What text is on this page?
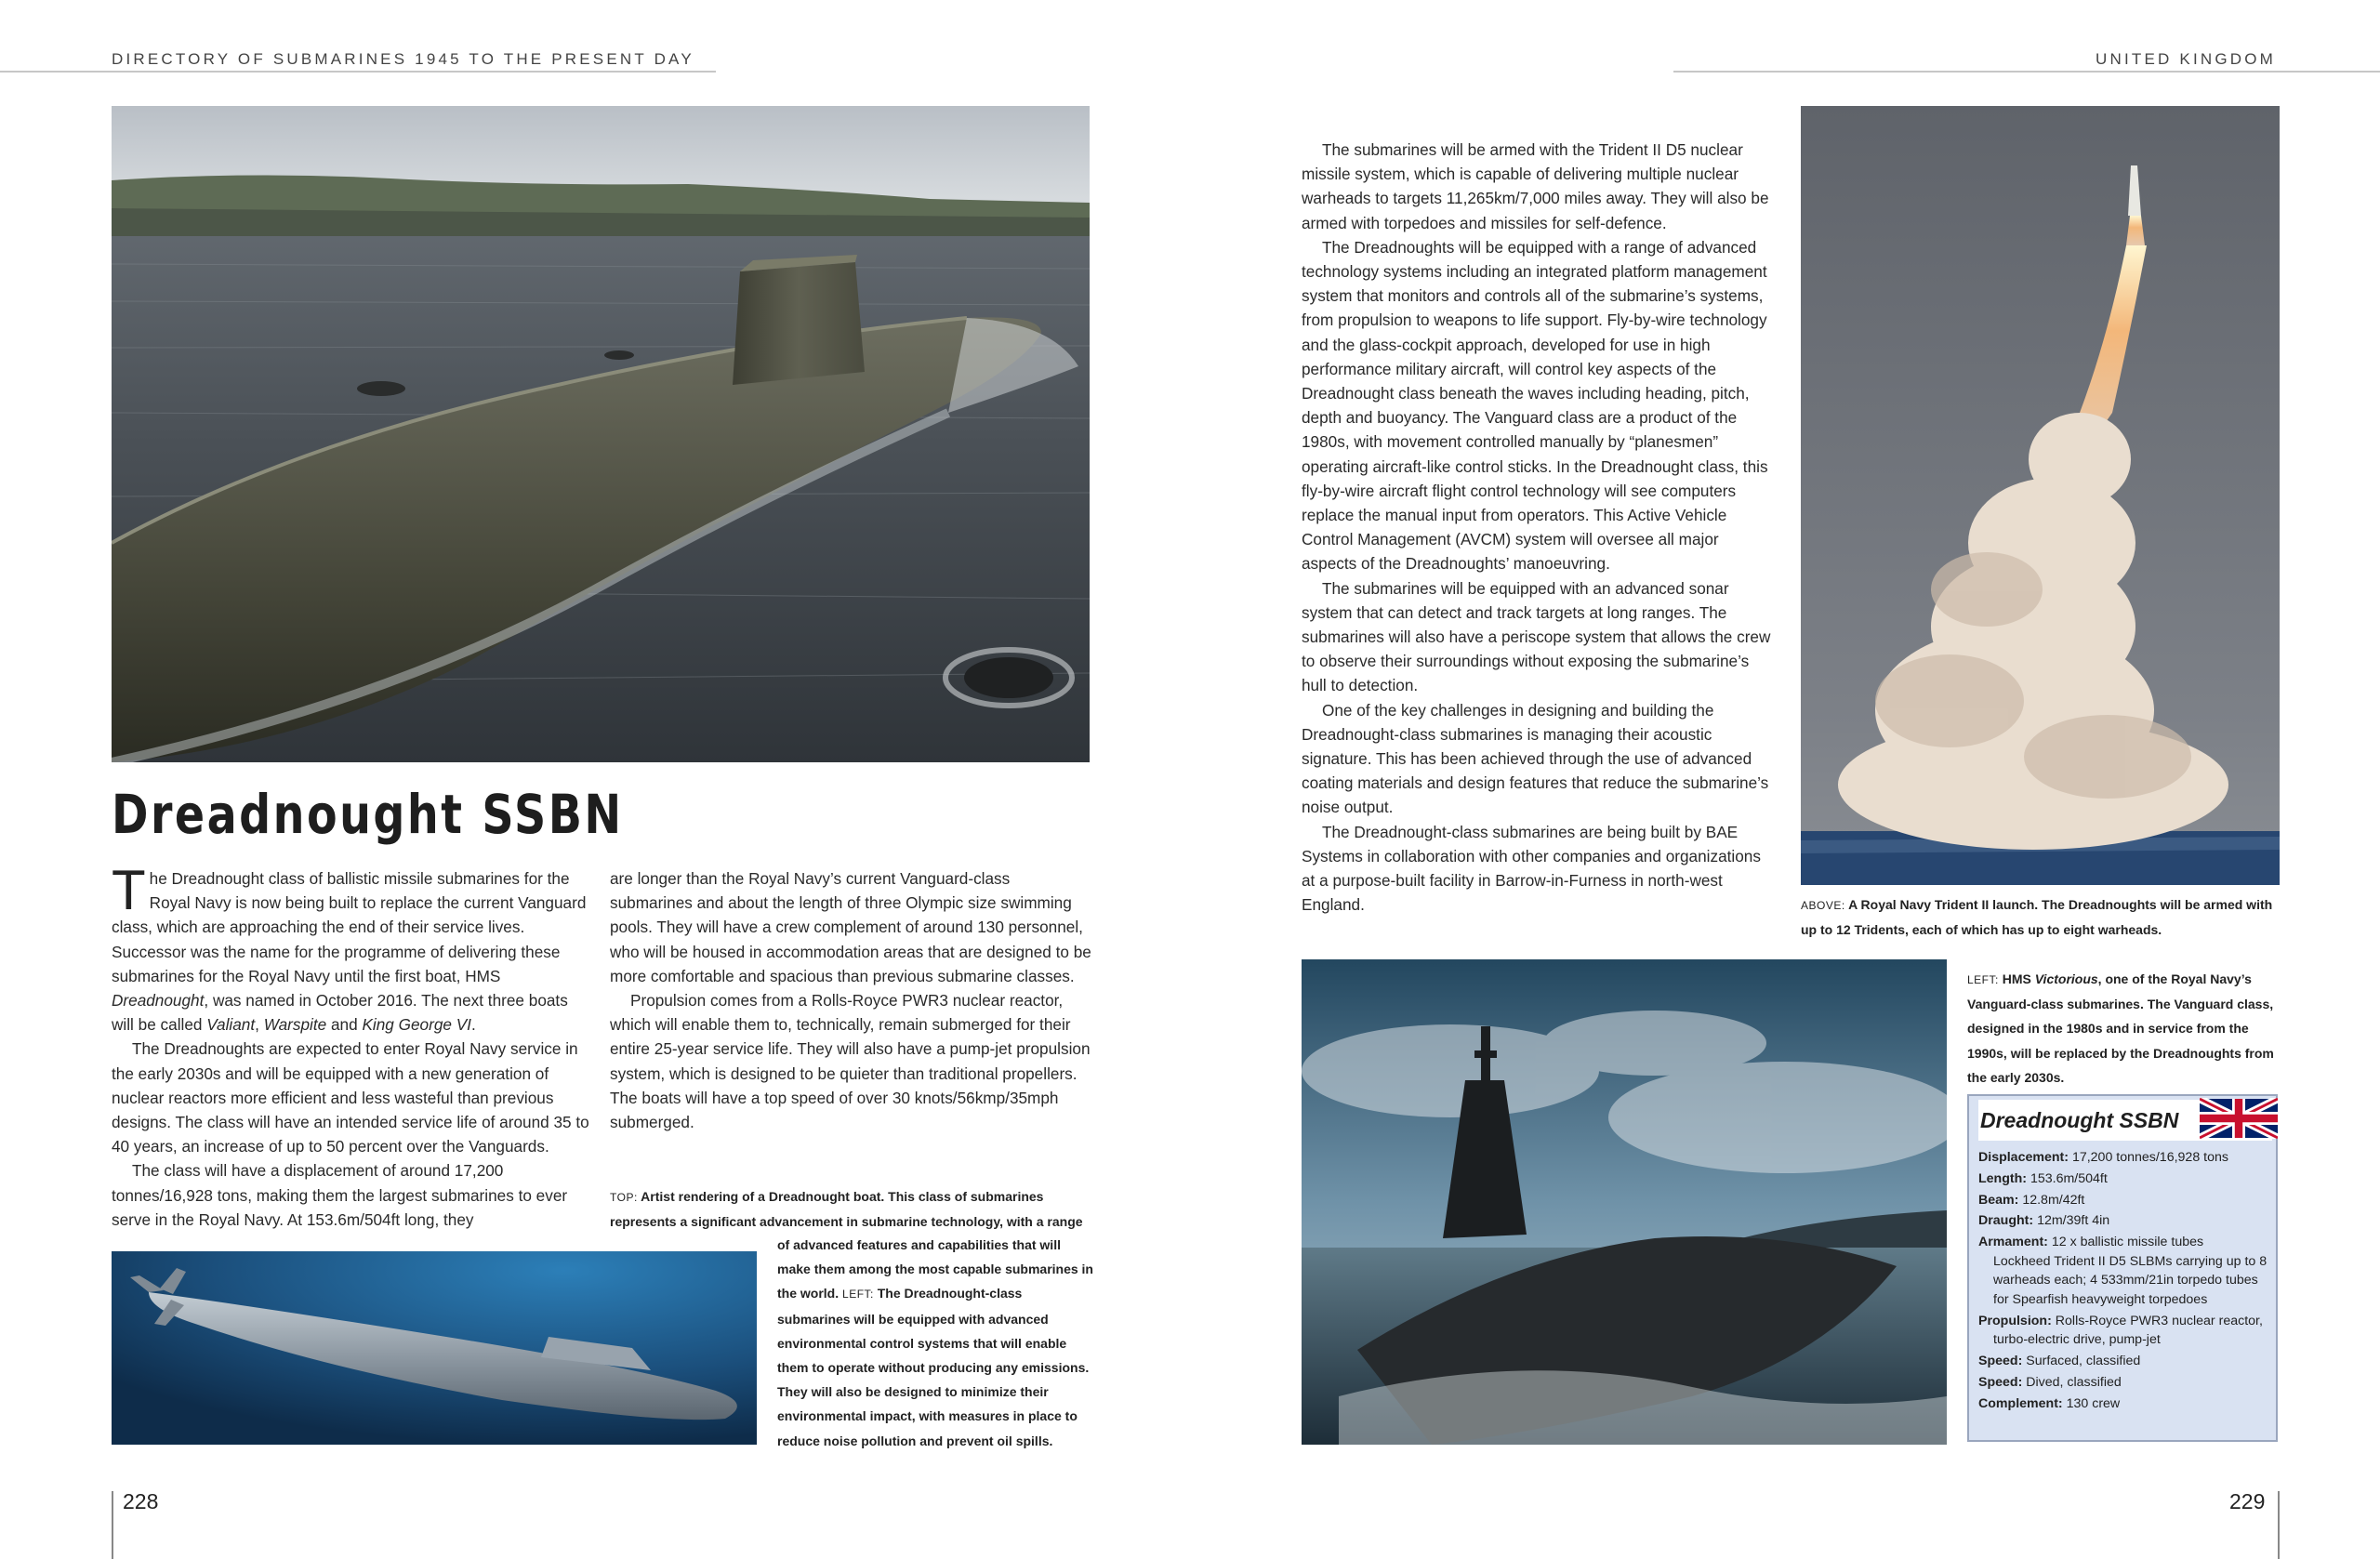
DIRECTORY OF SUBMARINES 1945 TO THE PRESENT DAY	UNITED KINGDOM
Dreadnought SSBN

The Dreadnought class of ballistic missile submarines for the Royal Navy is now being built to replace the current Vanguard class, which are approaching the end of their service lives. Successor was the name for the programme of delivering these submarines for the Royal Navy until the first boat, HMS Dreadnought, was named in October 2016. The next three boats will be called Valiant, Warspite and King George VI.

The Dreadnoughts are expected to enter Royal Navy service in the early 2030s and will be equipped with a new generation of nuclear reactors more efficient and less wasteful than previous designs. The class will have an intended service life of around 35 to 40 years, an increase of up to 50 percent over the Vanguards.

The class will have a displacement of around 17,200 tonnes/16,928 tons, making them the largest submarines to ever serve in the Royal Navy. At 153.6m/504ft long, they

are longer than the Royal Navy’s current Vanguard-class submarines and about the length of three Olympic size swimming pools. They will have a crew complement of around 130 personnel, who will be housed in accommodation areas that are designed to be more comfortable and spacious than previous submarine classes.

Propulsion comes from a Rolls-Royce PWR3 nuclear reactor, which will enable them to, technically, remain submerged for their entire 25-year service life. They will also have a pump-jet propulsion system, which is designed to be quieter than traditional propellers. The boats will have a top speed of over 30 knots/56kmp/35mph submerged.

TOP: Artist rendering of a Dreadnought boat. This class of submarines represents a significant advancement in submarine technology, with a range
of advanced features and capabilities that will make them among the most capable submarines in the world. LEFT: The Dreadnought-class submarines will be equipped with advanced environmental control systems that will enable them to operate without producing any emissions. They will also be designed to minimize their environmental impact, with measures in place to reduce noise pollution and prevent oil spills.

The submarines will be armed with the Trident II D5 nuclear missile system, which is capable of delivering multiple nuclear warheads to targets 11,265km/7,000 miles away. They will also be armed with torpedoes and missiles for self-defence.

The Dreadnoughts will be equipped with a range of advanced technology systems including an integrated platform management system that monitors and controls all of the submarine’s systems, from propulsion to weapons to life support. Fly-by-wire technology and the glass-cockpit approach, developed for use in high performance military aircraft, will control key aspects of the Dreadnought class beneath the waves including heading, pitch, depth and buoyancy. The Vanguard class are a product of the 1980s, with movement controlled manually by “planesmen” operating aircraft-like control sticks. In the Dreadnought class, this fly-by-wire aircraft flight control technology will see computers replace the manual input from operators. This Active Vehicle Control Management (AVCM) system will oversee all major aspects of the Dreadnoughts’ manoeuvring.

The submarines will be equipped with an advanced sonar system that can detect and track targets at long ranges. The submarines will also have a periscope system that allows the crew to observe their surroundings without exposing the submarine’s hull to detection.

One of the key challenges in designing and building the Dreadnought-class submarines is managing their acoustic signature. This has been achieved through the use of advanced coating materials and design features that reduce the submarine’s noise output.

The Dreadnought-class submarines are being built by BAE Systems in collaboration with other companies and organizations at a purpose-built facility in Barrow-in-Furness in north-west England.	ABOVE: A Royal Navy Trident II launch. The Dreadnoughts will be armed with up to 12 Tridents, each of which has up to eight warheads.
LEFT: HMS Victorious, one of the Royal Navy’s Vanguard-class submarines. The Vanguard class, designed in the 1980s and in service from the 1990s, will be replaced by the Dreadnoughts from the early 2030s.
Dreadnought SSBN
Displacement: 17,200 tonnes/16,928 tons
Length: 153.6m/504ft
Beam: 12.8m/42ft
Draught: 12m/39ft 4in
Armament: 12 x ballistic missile tubes
Lockheed Trident II D5 SLBMs carrying up to 8 warheads each; 4 533mm/21in torpedo tubes for Spearfish heavyweight torpedoes
Propulsion: Rolls-Royce PWR3 nuclear reactor,
turbo-electric drive, pump-jet
Speed: Surfaced, classified
Speed: Dived, classified
Complement: 130 crew
228	229
